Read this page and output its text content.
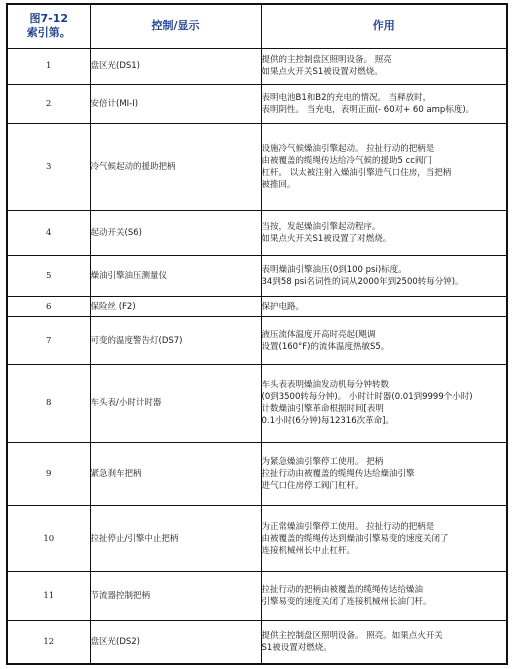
图7-12
索引第。	控制/显示	作用
1	盘区光(DS1)	提供的主控制盘区照明设备。 照亮
如果点火开关S1被设置对燃烧。
2	安倍计(MI-I)	表明电池B1和B2的充电的情况。 当释放时，
表明阴性。 当充电，表明正面(- 60对+ 60 amp标度)。
3	冷气候起动的援助把柄	设施冷气候燥油引擎起动。 拉扯行动的把柄是
由被覆盖的缆绳传达给冷气候的援助5 cc阀门
杠杆。 以太被注射入燥油引擎进气口住房，当把柄
被推回。
4	起动开关(S6)	当按，发起燥油引擎起动程序。
如果点火开关S1被设置了对燃烧。
5	燥油引擎油压测量仪	表明燥油引擎油压(0到100 psi)标度。
34到58 psi名词性的词从2000年到2500转每分钟)。
6	保险丝 (F2)	保护电路。
7	可变的温度警告灯(DS7)	液压流体温度开高时亮起(飓调
设置(160°F)的流体温度热敏S5。
8	车头表/小时计时器	车头表表明燥油发动机每分钟转数
(0到3500转每分钟)。 小时计时器(0.01到9999个小时)
计数燥油引擎革命根据时间[表明
0.1小时(6分钟)每12316次革命]。
9	紧急刹车把柄	为紧急燥油引擎停工使用。 把柄
拉扯行动由被覆盖的缆绳传达给燥油引擎
进气口住房停工阀门杠杆。
10	拉扯停止/引擎中止把柄	为正常燥油引擎停工使用。 拉扯行动的把柄是
由被覆盖的缆绳传达到燥油引擎易变的速度关闭了
连接机械州长中止杠杆。
11	节流器控制把柄	拉扯行动的把柄由被覆盖的缆绳传达给燥油
引擎易变的速度关闭了连接机械州长油门杆。
12	盘区光(DS2)	提供主控制盘区照明设备。 照亮。如果点火开关
S1被设置对燃烧。
